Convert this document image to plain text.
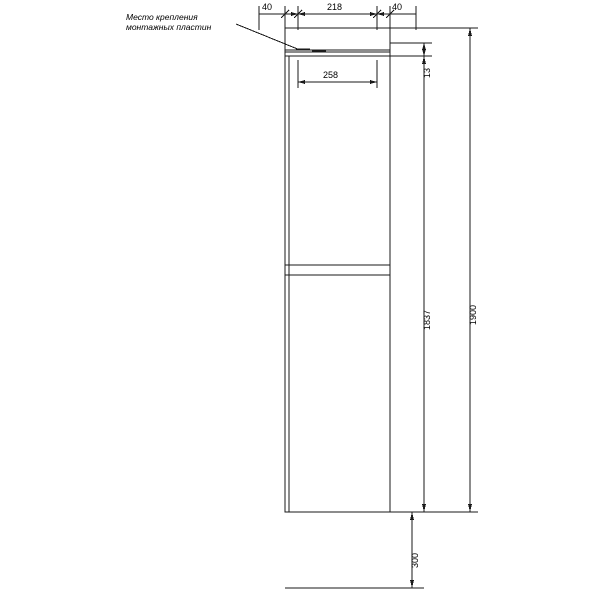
Место крепления
монтажных пластин
40	218	40
258	13
1837	1900
300
